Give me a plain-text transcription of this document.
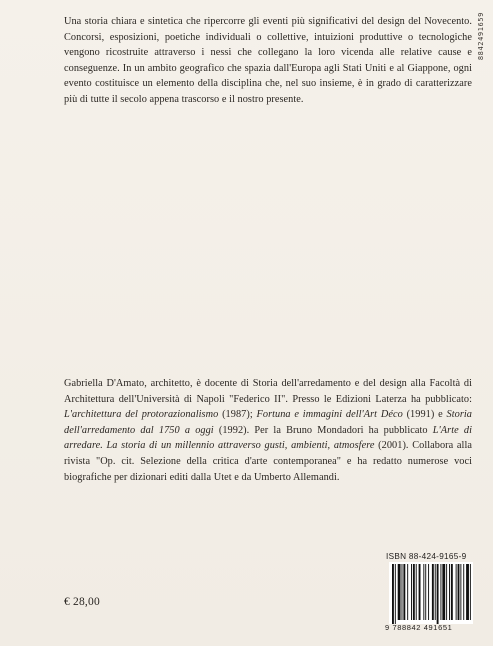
8842491659

Una storia chiara e sintetica che ripercorre gli eventi più significativi del design del Novecento. Concorsi, esposizioni, poetiche individuali o collettive, intuizioni produttive o tecnologiche vengono ricostruite attraverso i nessi che collegano la loro vicenda alle relative cause e conseguenze. In un ambito geografico che spazia dall'Europa agli Stati Uniti e al Giappone, ogni evento costituisce un elemento della disciplina che, nel suo insieme, è in grado di caratterizzare più di tutte il secolo appena trascorso e il nostro presente.

Gabriella D'Amato, architetto, è docente di Storia dell'arredamento e del design alla Facoltà di Architettura dell'Università di Napoli "Federico II". Presso le Edizioni Laterza ha pubblicato: L'architettura del protorazionalismo (1987); Fortuna e immagini dell'Art Déco (1991) e Storia dell'arredamento dal 1750 a oggi (1992). Per la Bruno Mondadori ha pubblicato L'Arte di arredare. La storia di un millennio attraverso gusti, ambienti, atmosfere (2001). Collabora alla rivista "Op. cit. Selezione della critica d'arte contemporanea" e ha redatto numerose voci biografiche per dizionari editi dalla Utet e da Umberto Allemandi.

€ 28,00
ISBN 88-424-9165-9
9 788842 491651
